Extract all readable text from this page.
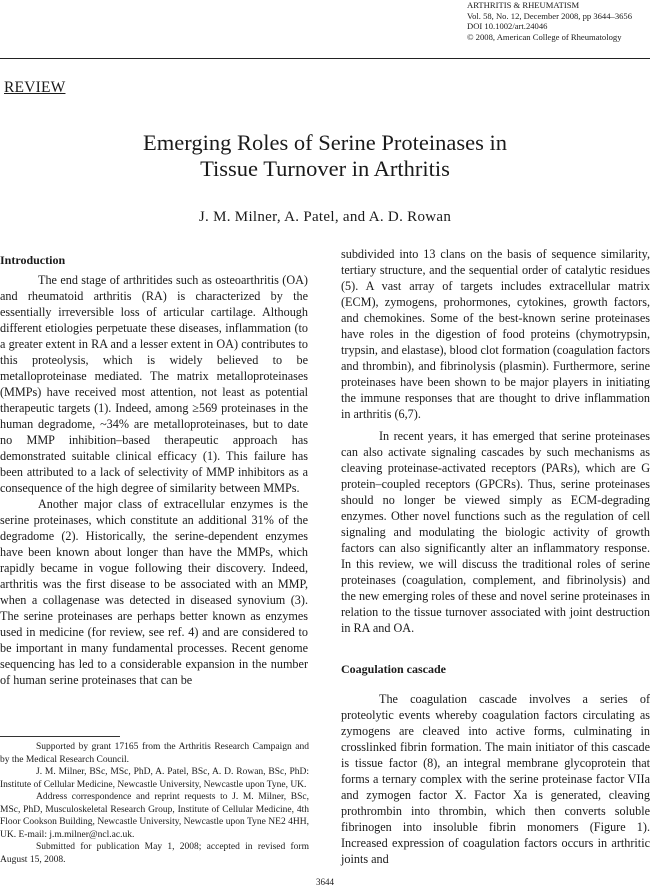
ARTHRITIS & RHEUMATISM
Vol. 58, No. 12, December 2008, pp 3644–3656
DOI 10.1002/art.24046
© 2008, American College of Rheumatology
REVIEW
Emerging Roles of Serine Proteinases in
Tissue Turnover in Arthritis
J. M. Milner, A. Patel, and A. D. Rowan
Introduction

The end stage of arthritides such as osteoarthritis (OA) and rheumatoid arthritis (RA) is characterized by the essentially irreversible loss of articular cartilage. Although different etiologies perpetuate these diseases, inflammation (to a greater extent in RA and a lesser extent in OA) contributes to this proteolysis, which is widely believed to be metalloproteinase mediated. The matrix metalloproteinases (MMPs) have received most attention, not least as potential therapeutic targets (1). Indeed, among ≥569 proteinases in the human degradome, ~34% are metalloproteinases, but to date no MMP inhibition–based therapeutic approach has demonstrated suitable clinical efficacy (1). This failure has been attributed to a lack of selectivity of MMP inhibitors as a consequence of the high degree of similarity between MMPs.

Another major class of extracellular enzymes is the serine proteinases, which constitute an additional 31% of the degradome (2). Historically, the serine-dependent enzymes have been known about longer than have the MMPs, which rapidly became in vogue following their discovery. Indeed, arthritis was the first disease to be associated with an MMP, when a collagenase was detected in diseased synovium (3). The serine proteinases are perhaps better known as enzymes used in medicine (for review, see ref. 4) and are considered to be important in many fundamental processes. Recent genome sequencing has led to a considerable expansion in the number of human serine proteinases that can be

subdivided into 13 clans on the basis of sequence similarity, tertiary structure, and the sequential order of catalytic residues (5). A vast array of targets includes extracellular matrix (ECM), zymogens, prohormones, cytokines, growth factors, and chemokines. Some of the best-known serine proteinases have roles in the digestion of food proteins (chymotrypsin, trypsin, and elastase), blood clot formation (coagulation factors and thrombin), and fibrinolysis (plasmin). Furthermore, serine proteinases have been shown to be major players in initiating the immune responses that are thought to drive inflammation in arthritis (6,7).

In recent years, it has emerged that serine proteinases can also activate signaling cascades by such mechanisms as cleaving proteinase-activated receptors (PARs), which are G protein–coupled receptors (GPCRs). Thus, serine proteinases should no longer be viewed simply as ECM-degrading enzymes. Other novel functions such as the regulation of cell signaling and modulating the biologic activity of growth factors can also significantly alter an inflammatory response. In this review, we will discuss the traditional roles of serine proteinases (coagulation, complement, and fibrinolysis) and the new emerging roles of these and novel serine proteinases in relation to the tissue turnover associated with joint destruction in RA and OA.

Coagulation cascade

The coagulation cascade involves a series of proteolytic events whereby coagulation factors circulating as zymogens are cleaved into active forms, culminating in crosslinked fibrin formation. The main initiator of this cascade is tissue factor (8), an integral membrane glycoprotein that forms a ternary complex with the serine proteinase factor VIIa and zymogen factor X. Factor Xa is generated, cleaving prothrombin into thrombin, which then converts soluble fibrinogen into insoluble fibrin monomers (Figure 1). Increased expression of coagulation factors occurs in arthritic joints and

Supported by grant 17165 from the Arthritis Research Campaign and by the Medical Research Council.

J. M. Milner, BSc, MSc, PhD, A. Patel, BSc, A. D. Rowan, BSc, PhD: Institute of Cellular Medicine, Newcastle University, Newcastle upon Tyne, UK.

Address correspondence and reprint requests to J. M. Milner, BSc, MSc, PhD, Musculoskeletal Research Group, Institute of Cellular Medicine, 4th Floor Cookson Building, Newcastle University, Newcastle upon Tyne NE2 4HH, UK. E-mail: j.m.milner@ncl.ac.uk.

Submitted for publication May 1, 2008; accepted in revised form August 15, 2008.

3644
